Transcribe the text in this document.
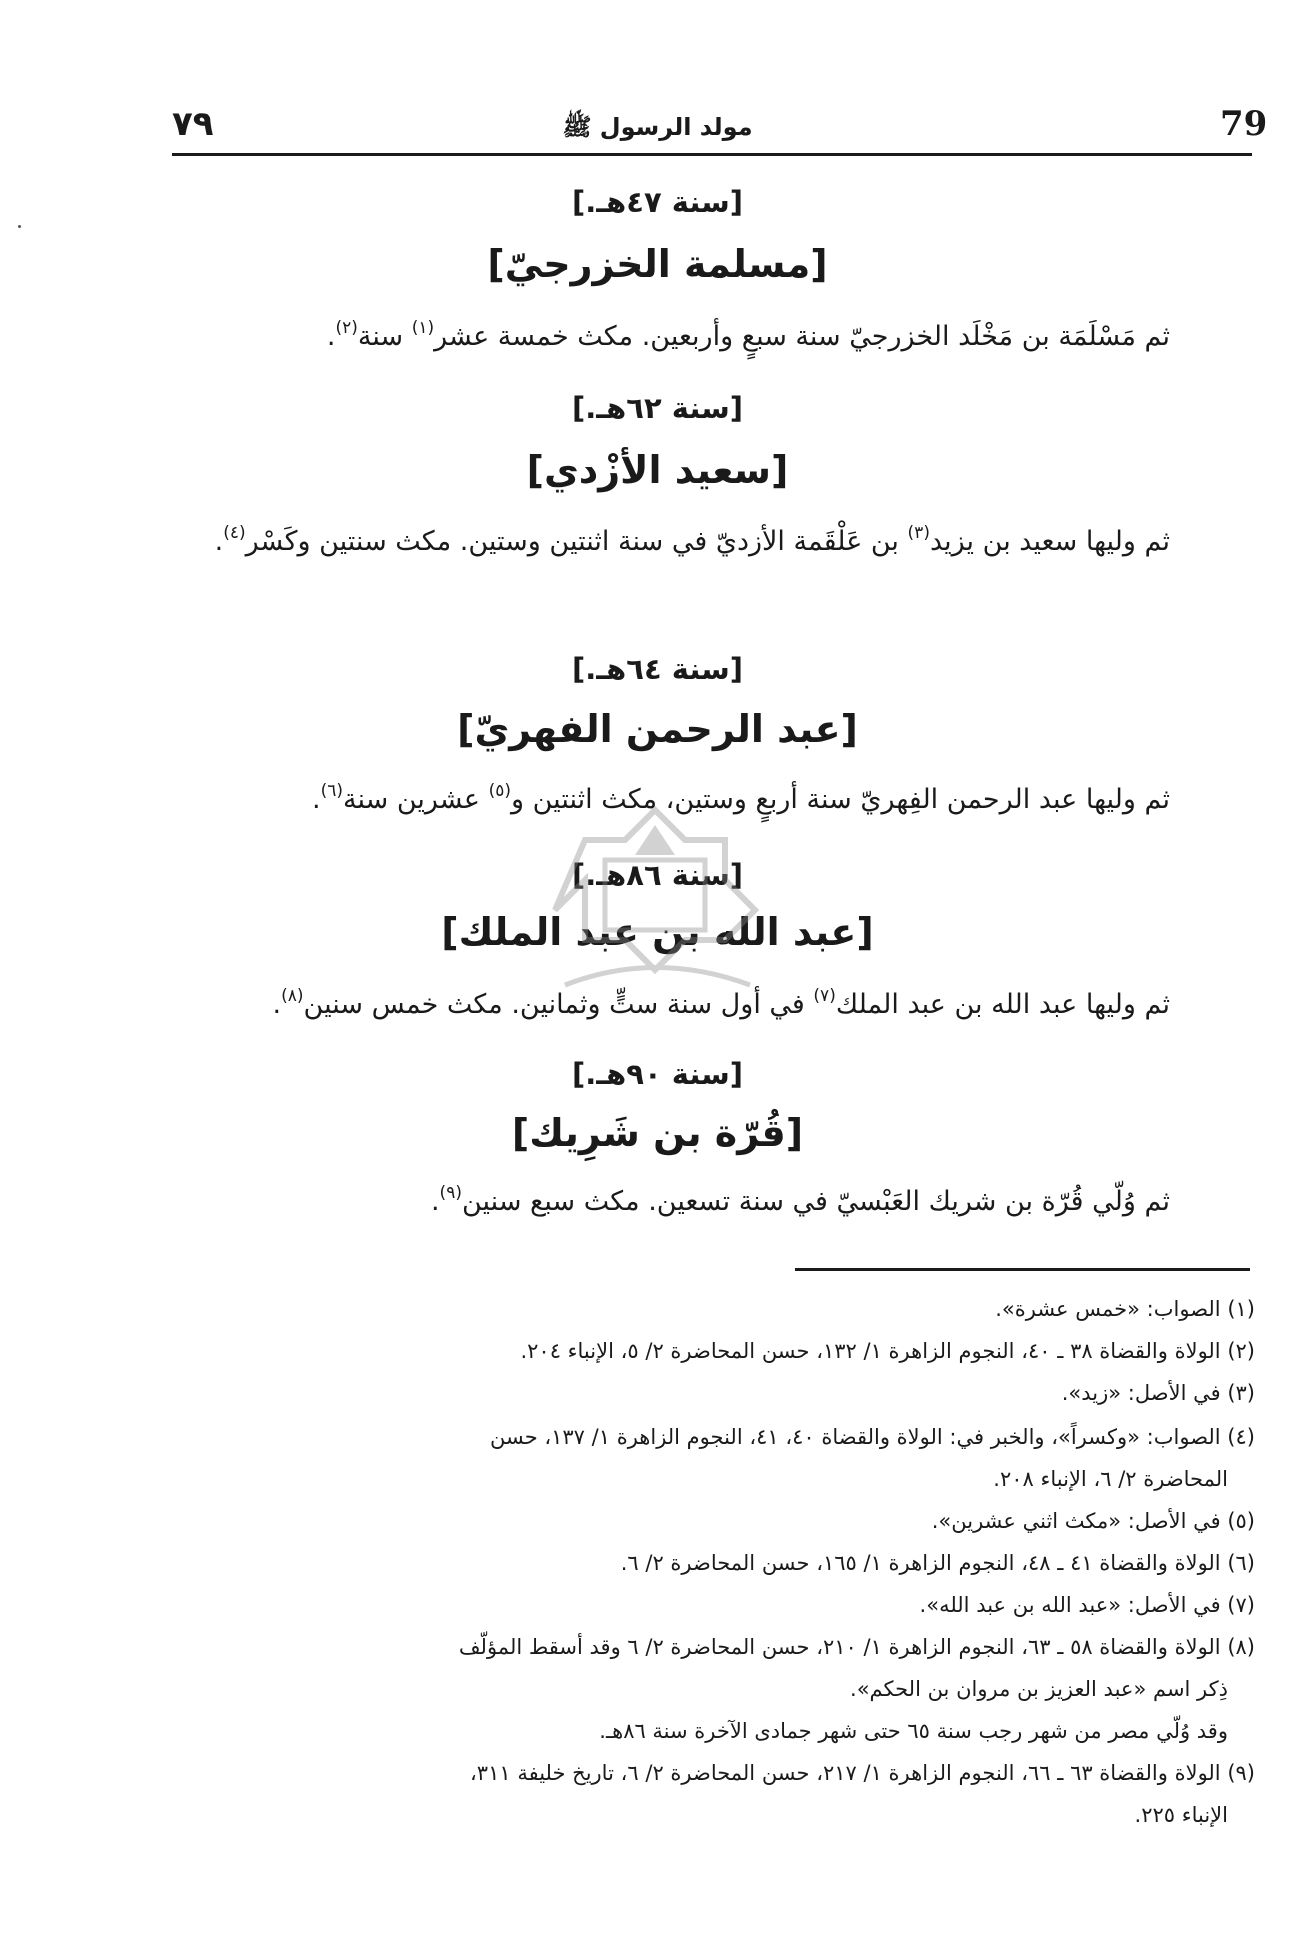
٧٩	مولد الرسول ﷺ	79
[سنة ٤٧هـ.]
[مسلمة الخزرجيّ]
ثم مَسْلَمَة بن مَخْلَد الخزرجيّ سنة سبعٍ وأربعين. مكث خمسة عشر$^{(١)}$ سنة$^{(٢)}$.
[سنة ٦٢هـ.]
[سعيد الأزْدي]
ثم وليها سعيد بن يزيد$^{(٣)}$ بن عَلْقَمة الأزديّ في سنة اثنتين وستين. مكث سنتين وكَسْر$^{(٤)}$.
[سنة ٦٤هـ.]
[عبد الرحمن الفهريّ]
ثم وليها عبد الرحمن الفِهريّ سنة أربعٍ وستين، مكث اثنتين و$^{(٥)}$ عشرين سنة$^{(٦)}$.
[سنة ٨٦هـ.]
[عبد الله بن عبد الملك]
ثم وليها عبد الله بن عبد الملك$^{(٧)}$ في أول سنة ستٍّ وثمانين. مكث خمس سنين$^{(٨)}$.
[سنة ٩٠هـ.]
[قُرّة بن شَرِيك]
ثم وُلّي قُرّة بن شريك العَبْسيّ في سنة تسعين. مكث سبع سنين$^{(٩)}$.
(١) الصواب: «خمس عشرة».
(٢) الولاة والقضاة ٣٨ ـ ٤٠، النجوم الزاهرة ١/ ١٣٢، حسن المحاضرة ٢/ ٥، الإنباء ٢٠٤.
(٣) في الأصل: «زيد».
(٤) الصواب: «وكسراً»، والخبر في: الولاة والقضاة ٤٠، ٤١، النجوم الزاهرة ١/ ١٣٧، حسن
المحاضرة ٢/ ٦، الإنباء ٢٠٨.
(٥) في الأصل: «مكث اثني عشرين».
(٦) الولاة والقضاة ٤١ ـ ٤٨، النجوم الزاهرة ١/ ١٦٥، حسن المحاضرة ٢/ ٦.
(٧) في الأصل: «عبد الله بن عبد الله».
(٨) الولاة والقضاة ٥٨ ـ ٦٣، النجوم الزاهرة ١/ ٢١٠، حسن المحاضرة ٢/ ٦ وقد أسقط المؤلّف
ذِكر اسم «عبد العزيز بن مروان بن الحكم».
وقد وُلّي مصر من شهر رجب سنة ٦٥ حتى شهر جمادى الآخرة سنة ٨٦هـ.
(٩) الولاة والقضاة ٦٣ ـ ٦٦، النجوم الزاهرة ١/ ٢١٧، حسن المحاضرة ٢/ ٦، تاريخ خليفة ٣١١،
الإنباء ٢٢٥.
